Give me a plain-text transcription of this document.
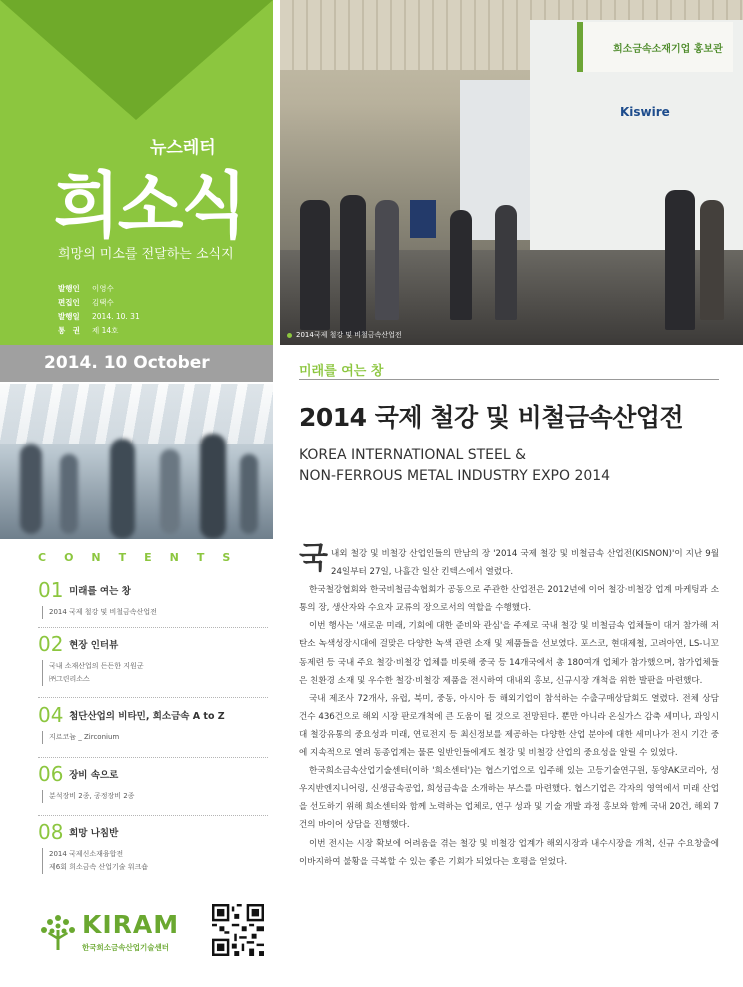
뉴스레터
희소식
희망의 미소를 전달하는 소식지
발행인 이영수
편집인 김택수
발행일 2014. 10. 31
통　권 제 14호
2014. 10 October
희소금속소재기업 홍보관
Kiswire
2014국제 철강 및 비철금속산업전
CONTENTS
01 미래를 여는 창
2014 국제 철강 및 비철금속산업전
02 현장 인터뷰
국내 소재산업의 든든한 지원군
㈜그린리소스
04 첨단산업의 비타민, 희소금속 A to Z
지르코늄 _ Zirconium
06 장비 속으로
분석장비 2종, 공정장비 2종
08 희망 나침반
2014 국제신소재융합전
제6회 희소금속 산업기술 워크숍
KIRAM
한국희소금속산업기술센터
미래를 여는 창
2014 국제 철강 및 비철금속산업전
KOREA INTERNATIONAL STEEL &
NON-FERROUS METAL INDUSTRY EXPO 2014

국내외 철강 및 비철강 산업인들의 만남의 장 '2014 국제 철강 및 비철금속 산업전(KISNON)'이 지난 9월 24일부터 27일, 나흘간 일산 킨텍스에서 열렸다.

한국철강협회와 한국비철금속협회가 공동으로 주관한 산업전은 2012년에 이어 철강·비철강 업계 마케팅과 소통의 장, 생산자와 수요자 교류의 장으로서의 역할을 수행했다.

이번 행사는 '새로운 미래, 기회에 대한 준비와 관심'을 주제로 국내 철강 및 비철금속 업체들이 대거 참가해 저탄소 녹색성장시대에 걸맞은 다양한 녹색 관련 소재 및 제품들을 선보였다. 포스코, 현대제철, 고려아연, LS-니꼬동제련 등 국내 주요 철강·비철강 업체를 비롯해 중국 등 14개국에서 총 180여개 업체가 참가했으며, 참가업체들은 친환경 소재 및 우수한 철강·비철강 제품을 전시하여 대내외 홍보, 신규시장 개척을 위한 발판을 마련했다.

국내 제조사 72개사, 유럽, 북미, 중동, 아시아 등 해외기업이 참석하는 수출구매상담회도 열렸다. 전체 상담 건수 436건으로 해외 시장 판로개척에 큰 도움이 될 것으로 전망된다. 뿐만 아니라 온실가스 감축 세미나, 과잉시대 철강유통의 중요성과 미래, 연료전지 등 최신정보를 제공하는 다양한 산업 분야에 대한 세미나가 전시 기간 중에 지속적으로 열려 동종업계는 물론 일반인들에게도 철강 및 비철강 산업의 중요성을 알릴 수 있었다.

한국희소금속산업기술센터(이하 '희소센터')는 협스기업으로 입주해 있는 고등기술연구원, 동양AK코리아, 성우지반엔지니어링, 신생금속공업, 희성금속을 소개하는 부스를 마련했다. 협스기업은 각자의 영역에서 미래 산업을 선도하기 위해 희소센터와 함께 노력하는 업체로, 연구 성과 및 기술 개발 과정 홍보와 함께 국내 20건, 해외 7건의 바이어 상담을 진행했다.

이번 전시는 시장 확보에 어려움을 겪는 철강 및 비철강 업계가 해외시장과 내수시장을 개척, 신규 수요창출에 이바지하여 불황을 극복할 수 있는 좋은 기회가 되었다는 호평을 얻었다.
